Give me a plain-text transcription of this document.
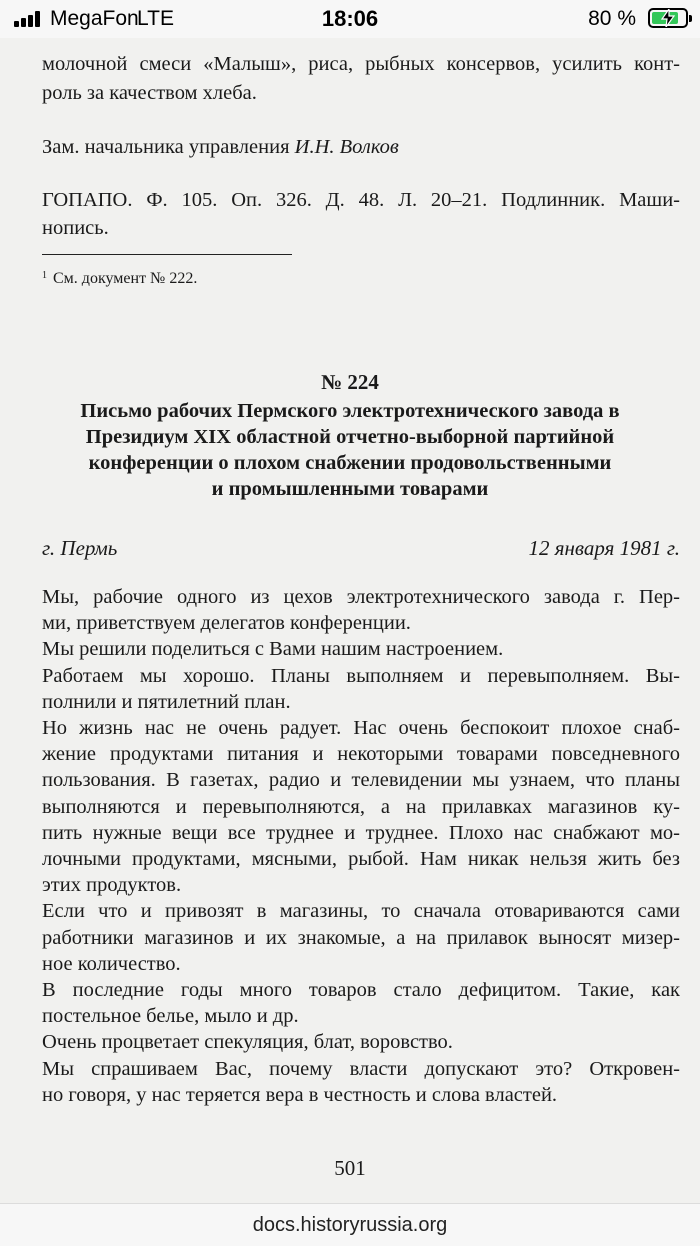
MegaFon
LTE	18:06	80 %
молочной смеси «Малыш», риса, рыбных консервов, усилить конт-
роль за качеством хлеба.
Зам. начальника управления И.Н. Волков
ГОПАПО. Ф. 105. Оп. 326. Д. 48. Л. 20–21. Подлинник. Маши-
нопись.
$^1$ См. документ № 222.
№ 224
Письмо рабочих Пермского электротехнического завода в
Президиум XIX областной отчетно-выборной партийной
конференции о плохом снабжении продовольственными
и промышленными товарами
г. Пермь	12 января 1981 г.
Мы, рабочие одного из цехов электротехнического завода г. Пер-
ми, приветствуем делегатов конференции.
Мы решили поделиться с Вами нашим настроением.
Работаем мы хорошо. Планы выполняем и перевыполняем. Вы-
полнили и пятилетний план.
Но жизнь нас не очень радует. Нас очень беспокоит плохое снаб-
жение продуктами питания и некоторыми товарами повседневного
пользования. В газетах, радио и телевидении мы узнаем, что планы
выполняются и перевыполняются, а на прилавках магазинов ку-
пить нужные вещи все труднее и труднее. Плохо нас снабжают мо-
лочными продуктами, мясными, рыбой. Нам никак нельзя жить без
этих продуктов.
Если что и привозят в магазины, то сначала отовариваются сами
работники магазинов и их знакомые, а на прилавок выносят мизер-
ное количество.
В последние годы много товаров стало дефицитом. Такие, как
постельное белье, мыло и др.
Очень процветает спекуляция, блат, воровство.
Мы спрашиваем Вас, почему власти допускают это? Откровен-
но говоря, у нас теряется вера в честность и слова властей.
501
docs.historyrussia.org
